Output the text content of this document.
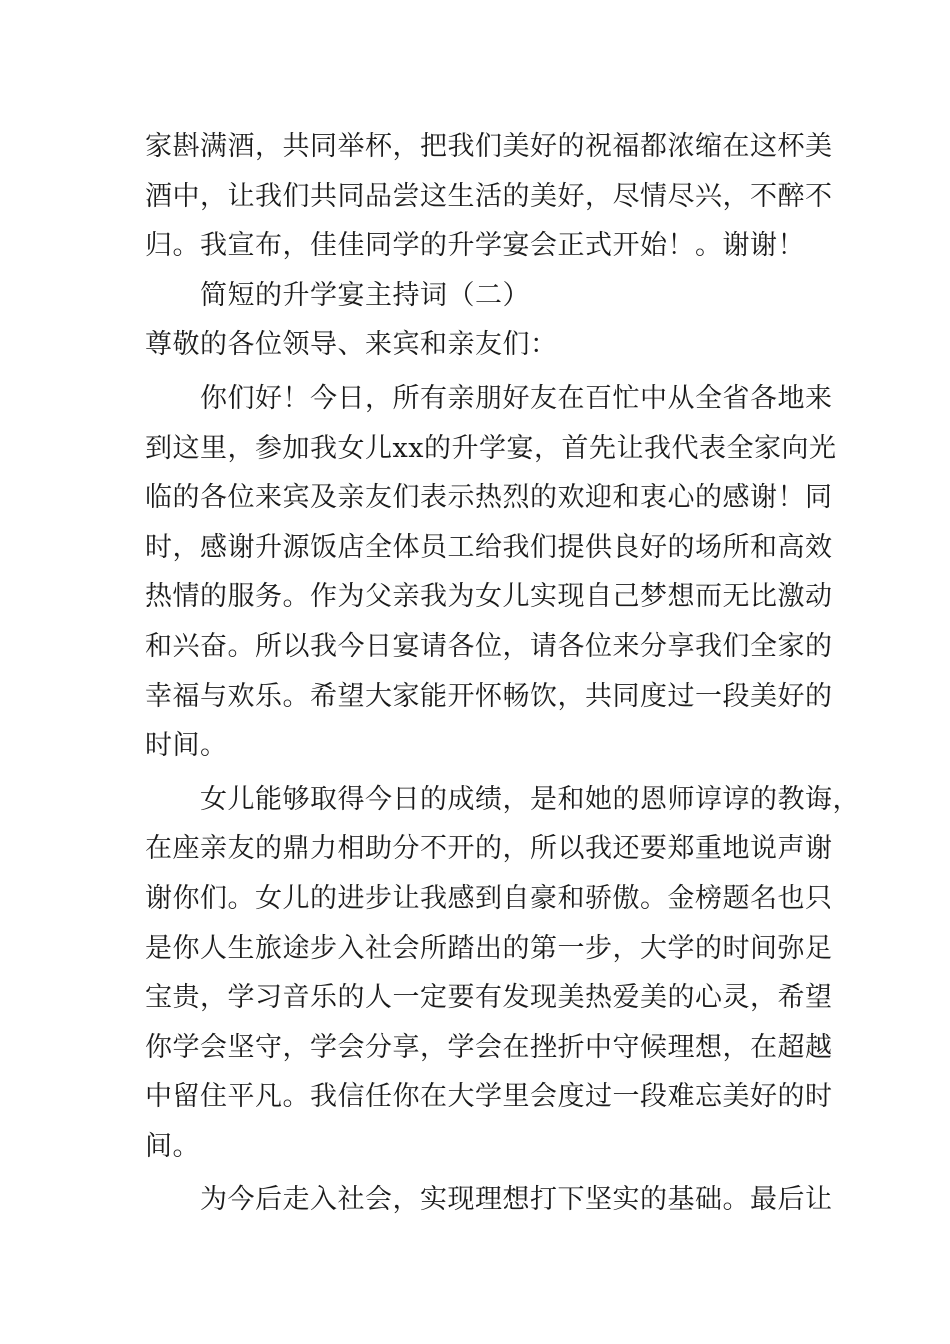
家斟满酒，共同举杯，把我们美好的祝福都浓缩在这杯美
酒中，让我们共同品尝这生活的美好，尽情尽兴，不醉不
归。我宣布，佳佳同学的升学宴会正式开始！。谢谢！
简短的升学宴主持词（二）
尊敬的各位领导、来宾和亲友们：
你们好！今日，所有亲朋好友在百忙中从全省各地来
到这里，参加我女儿xx的升学宴，首先让我代表全家向光
临的各位来宾及亲友们表示热烈的欢迎和衷心的感谢！同
时，感谢升源饭店全体员工给我们提供良好的场所和高效
热情的服务。作为父亲我为女儿实现自己梦想而无比激动
和兴奋。所以我今日宴请各位，请各位来分享我们全家的
幸福与欢乐。希望大家能开怀畅饮，共同度过一段美好的
时间。
女儿能够取得今日的成绩，是和她的恩师谆谆的教诲，
在座亲友的鼎力相助分不开的，所以我还要郑重地说声谢
谢你们。女儿的进步让我感到自豪和骄傲。金榜题名也只
是你人生旅途步入社会所踏出的第一步，大学的时间弥足
宝贵，学习音乐的人一定要有发现美热爱美的心灵，希望
你学会坚守，学会分享，学会在挫折中守候理想，在超越
中留住平凡。我信任你在大学里会度过一段难忘美好的时
间。
为今后走入社会，实现理想打下坚实的基础。最后让
